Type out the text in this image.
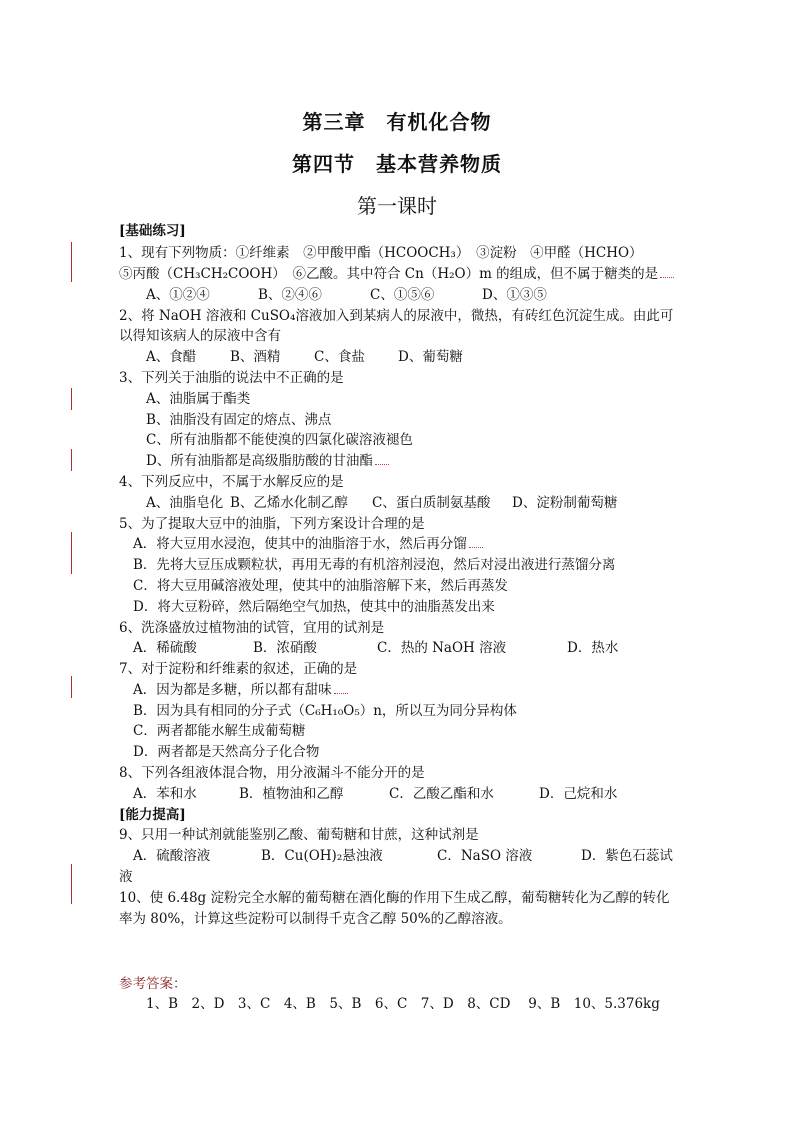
第三章　有机化合物
第四节　基本营养物质
第一课时
[基础练习]
1、现有下列物质：①纤维素　②甲酸甲酯（HCOOCH₃）　③淀粉　④甲醛（HCHO）
⑤丙酸（CH₃CH₂COOH）　⑥乙酸。其中符合 Cn（H₂O）m 的组成，但不属于糖类的是
A、①②④	B、②④⑥	C、①⑤⑥	D、①③⑤
2、将 NaOH 溶液和 CuSO₄溶液加入到某病人的尿液中，微热，有砖红色沉淀生成。由此可
以得知该病人的尿液中含有
A、食醋	B、酒精 C、食盐 D、葡萄糖
3、下列关于油脂的说法中不正确的是
A、油脂属于酯类
B、油脂没有固定的熔点、沸点
C、所有油脂都不能使溴的四氯化碳溶液褪色
D、所有油脂都是高级脂肪酸的甘油酯
4、下列反应中，不属于水解反应的是
A、油脂皂化 B、乙烯水化制乙醇 C、蛋白质制氨基酸 D、淀粉制葡萄糖
5、为了提取大豆中的油脂，下列方案设计合理的是
A．将大豆用水浸泡，使其中的油脂溶于水，然后再分馏
B．先将大豆压成颗粒状，再用无毒的有机溶剂浸泡，然后对浸出液进行蒸馏分离
C．将大豆用碱溶液处理，使其中的油脂溶解下来，然后再蒸发
D．将大豆粉碎，然后隔绝空气加热，使其中的油脂蒸发出来
6、洗涤盛放过植物油的试管，宜用的试剂是
A．稀硫酸	B．浓硝酸	C．热的 NaOH 溶液	D．热水
7、对于淀粉和纤维素的叙述，正确的是
A．因为都是多糖，所以都有甜味
B．因为具有相同的分子式（C₆H₁₀O₅）n，所以互为同分异构体
C．两者都能水解生成葡萄糖
D．两者都是天然高分子化合物
8、下列各组液体混合物，用分液漏斗不能分开的是
A．苯和水	B．植物油和乙醇	C．乙酸乙酯和水	D．己烷和水
[能力提高]
9、只用一种试剂就能鉴别乙酸、葡萄糖和甘蔗，这种试剂是
A．硫酸溶液	B．Cu(OH)₂悬浊液	C．NaSO 溶液	D．紫色石蕊试
液
10、使 6.48g 淀粉完全水解的葡萄糖在酒化酶的作用下生成乙醇，葡萄糖转化为乙醇的转化
率为 80%，计算这些淀粉可以制得千克含乙醇 50%的乙醇溶液。
参考答案：
1、B　2、D　3、C　4、B　5、B　6、C　7、D　8、CD　 9、B　10、5.376kg
